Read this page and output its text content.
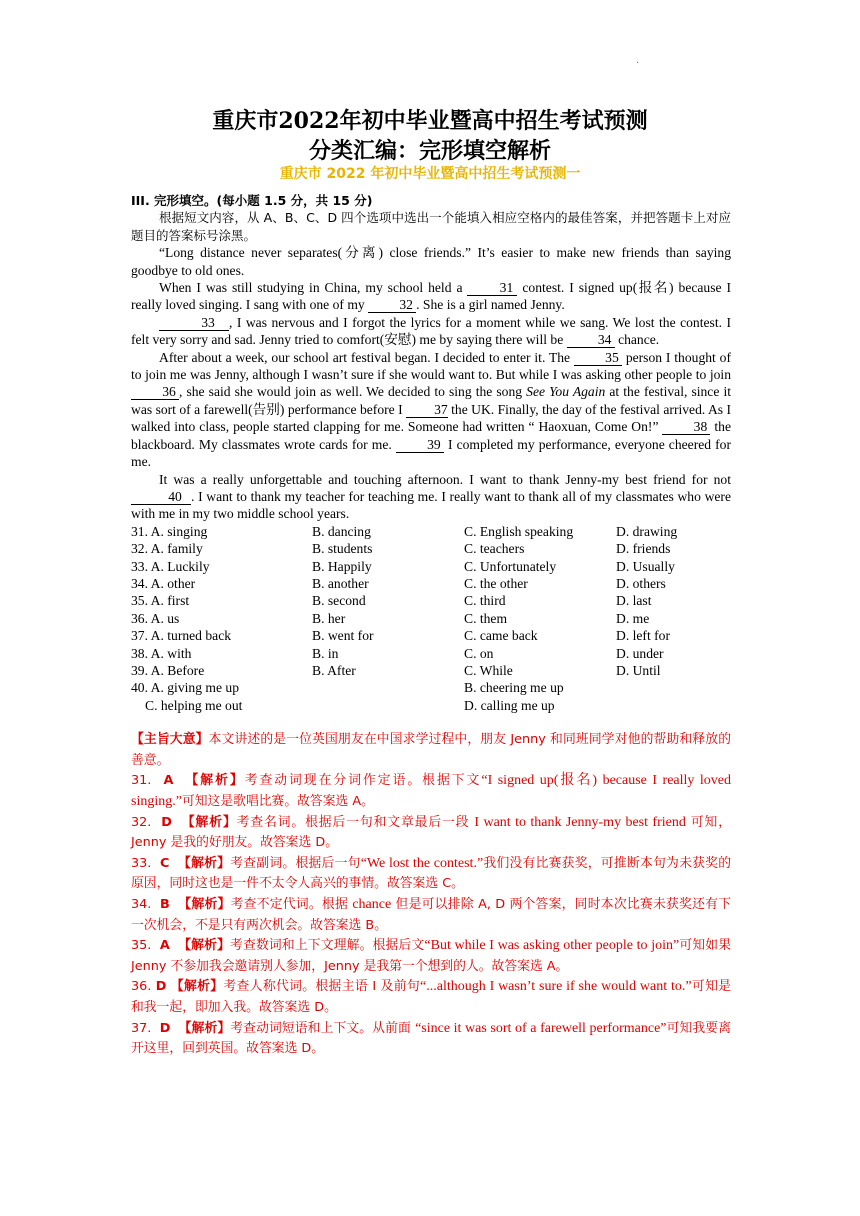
·
重庆市2022年初中毕业暨高中招生考试预测
分类汇编：完形填空解析
重庆市 2022 年初中毕业暨高中招生考试预测一

III. 完形填空。(每小题 1.5 分，共 15 分)

根据短文内容，从 A、B、C、D 四个选项中选出一个能填入相应空格内的最佳答案，并把答题卡上对应题目的答案标号涂黑。

“Long distance never separates(分离) close friends.” It’s easier to make new friends than saying goodbye to old ones.

When I was still studying in China, my school held a	31 contest. I signed up(报名) because I really loved singing. I sang with one of my	32 . She is a girl named Jenny.

33 , I was nervous and I forgot the lyrics for a moment while we sang. We lost the contest. I felt very sorry and sad. Jenny tried to comfort(安慰) me by saying there will be	34 chance.

After about a week, our school art festival began. I decided to enter it. The	35 person I thought of to join me was Jenny, although I wasn’t sure if she would want to. But while I was asking other people to join 36 , she said she would join as well. We decided to sing the song See You Again at the festival, since it was sort of a farewell(告别) performance before I 37 the UK. Finally, the day of the festival arrived. As I walked into class, people started clapping for me. Someone had written “ Haoxuan, Come On!”	38 the blackboard. My classmates wrote cards for me.	39 I completed my performance, everyone cheered for me.

It was a really unforgettable and touching afternoon. I want to thank Jenny-my best friend for not 40 . I want to thank my teacher for teaching me. I really want to thank all of my classmates who were with me in my two middle school years.

31. A. singing	B. dancing	C. English speaking	D. drawing
32. A. family	B. students	C. teachers	D. friends
33. A. Luckily	B. Happily	C. Unfortunately	D. Usually
34. A. other	B. another	C. the other	D. others
35. A. first	B. second	C. third	D. last
36. A. us	B. her	C. them	D. me
37. A. turned back	B. went for	C. came back	D. left for
38. A. with	B. in	C. on	D. under
39. A. Before	B. After	C. While	D. Until
40. A. giving me up	B. cheering me up
C. helping me out	D. calling me up

【主旨大意】本文讲述的是一位英国朋友在中国求学过程中，朋友 Jenny 和同班同学对他的帮助和释放的善意。

31. A 【解析】考查动词现在分词作定语。根据下文“I signed up(报名) because I really loved singing.”可知这是歌唱比赛。故答案选 A。

32. D 【解析】考查名词。根据后一句和文章最后一段 I want to thank Jenny-my best friend 可知，Jenny 是我的好朋友。故答案选 D。

33. C 【解析】考查副词。根据后一句“We lost the contest.”我们没有比赛获奖，可推断本句为未获奖的原因，同时这也是一件不太令人高兴的事情。故答案选 C。

34. B 【解析】考查不定代词。根据 chance 但是可以排除 A, D 两个答案，同时本次比赛未获奖还有下一次机会，不是只有两次机会。故答案选 B。

35. A 【解析】考查数词和上下文理解。根据后文“But while I was asking other people to join”可知如果 Jenny 不参加我会邀请别人参加，Jenny 是我第一个想到的人。故答案选 A。

36. D 【解析】考查人称代词。根据主语 I 及前句“...although I wasn’t sure if she would want to.”可知是和我一起，即加入我。故答案选 D。

37. D 【解析】考查动词短语和上下文。从前面 “since it was sort of a farewell performance”可知我要离开这里，回到英国。故答案选 D。
